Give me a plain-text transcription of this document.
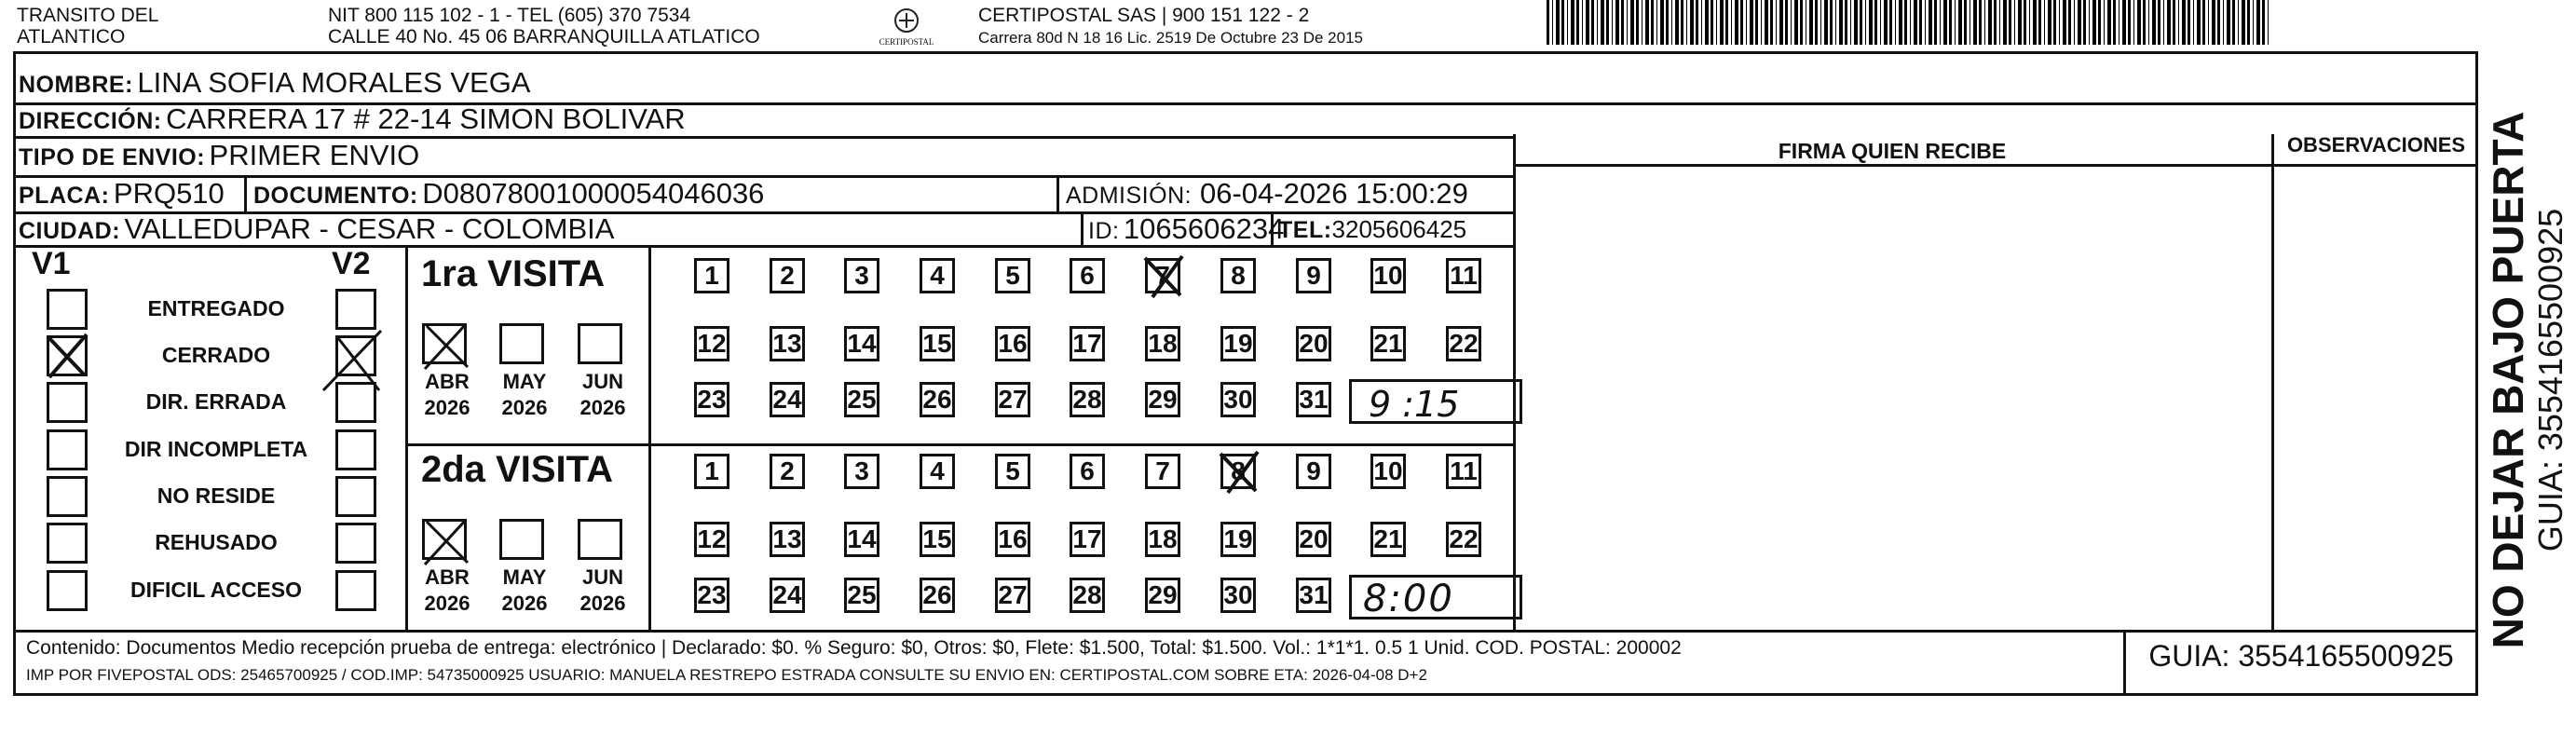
TRANSITO DEL
ATLANTICO
NIT 800 115 102 - 1 - TEL (605) 370 7534
CALLE 40 No. 45 06 BARRANQUILLA ATLATICO	CERTIPOSTAL
CERTIPOSTAL SAS | 900 151 122 - 2
Carrera 80d N 18 16 Lic. 2519 De Octubre 23 De 2015
NOMBRE: LINA SOFIA MORALES VEGA
DIRECCIÓN: CARRERA 17 # 22-14 SIMON BOLIVAR
TIPO DE ENVIO: PRIMER ENVIO
PLACA: PRQ510 DOCUMENTO: D08078001000054046036	ADMISIÓN: 06-04-2026 15:00:29
CIUDAD: VALLEDUPAR - CESAR - COLOMBIA	ID: 1065606234
TEL:3205606425
FIRMA QUIEN RECIBE	OBSERVACIONES
V1	V2
ENTREGADO
CERRADO
DIR. ERRADA
DIR INCOMPLETA
NO RESIDE
REHUSADO
DIFICIL ACCESO
1ra VISITA
2da VISITA
ABR
2026
MAY
2026
JUN
2026
ABR
2026
MAY
2026
JUN
2026
1	2	3	4	5	6	7	8	9	10 11
12 13 14 15 16 17 18 19 20 21 22
23 24 25 26 27 28 29 30 31
1	2	3	4	5	6	7	8	9	10 11
12 13 14 15 16 17 18 19 20 21 22
23 24 25 26 27 28 29 30 31
9 :15
8:00
Contenido: Documentos Medio recepción prueba de entrega: electrónico | Declarado: $0. % Seguro: $0, Otros: $0, Flete: $1.500, Total: $1.500. Vol.: 1*1*1. 0.5 1 Unid. COD. POSTAL: 200002
IMP POR FIVEPOSTAL ODS: 25465700925 / COD.IMP: 54735000925 USUARIO: MANUELA RESTREPO ESTRADA CONSULTE SU ENVIO EN: CERTIPOSTAL.COM SOBRE ETA: 2026-04-08 D+2
GUIA: 3554165500925
NO DEJAR BAJO PUERTA GUIA: 3554165500925
